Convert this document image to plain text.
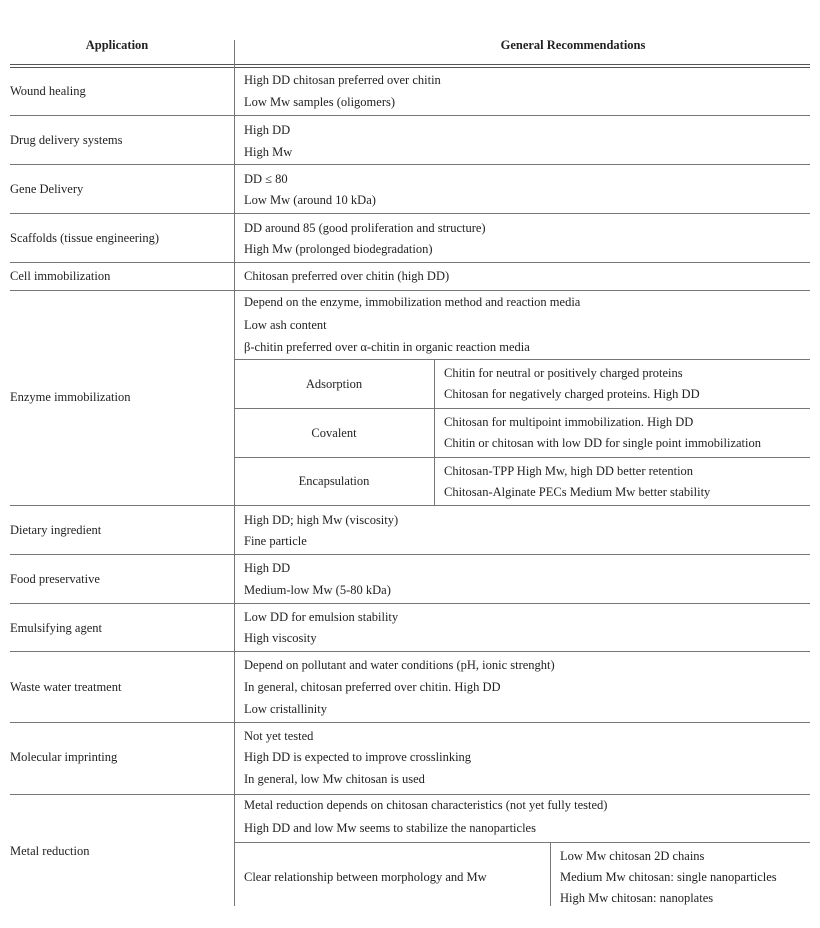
Application	General Recommendations
Wound healing
High DD chitosan preferred over chitin
Low Mw samples (oligomers)
Drug delivery systems
High DD
High Mw
Gene Delivery
DD ≤ 80
Low Mw (around 10 kDa)
Scaffolds (tissue engineering)
DD around 85 (good proliferation and structure)
High Mw (prolonged biodegradation)
Cell immobilization	Chitosan preferred over chitin (high DD)
Enzyme immobilization
Depend on the enzyme, immobilization method and reaction media
Low ash content
β-chitin preferred over α-chitin in organic reaction media
Dietary ingredient
High DD; high Mw (viscosity)
Fine particle
Food preservative
High DD
Medium-low Mw (5-80 kDa)
Emulsifying agent
Low DD for emulsion stability
High viscosity
Waste water treatment
Depend on pollutant and water conditions (pH, ionic strenght)
In general, chitosan preferred over chitin. High DD
Low cristallinity
Molecular imprinting
Not yet tested
High DD is expected to improve crosslinking
In general, low Mw chitosan is used
Metal reduction
Metal reduction depends on chitosan characteristics (not yet fully tested)
High DD and low Mw seems to stabilize the nanoparticles
Adsorption
Chitin for neutral or positively charged proteins
Chitosan for negatively charged proteins. High DD
Covalent
Chitosan for multipoint immobilization. High DD
Chitin or chitosan with low DD for single point immobilization
Encapsulation
Chitosan-TPP High Mw, high DD better retention
Chitosan-Alginate PECs Medium Mw better stability
Clear relationship between morphology and Mw
Low Mw chitosan 2D chains
Medium Mw chitosan: single nanoparticles
High Mw chitosan: nanoplates
